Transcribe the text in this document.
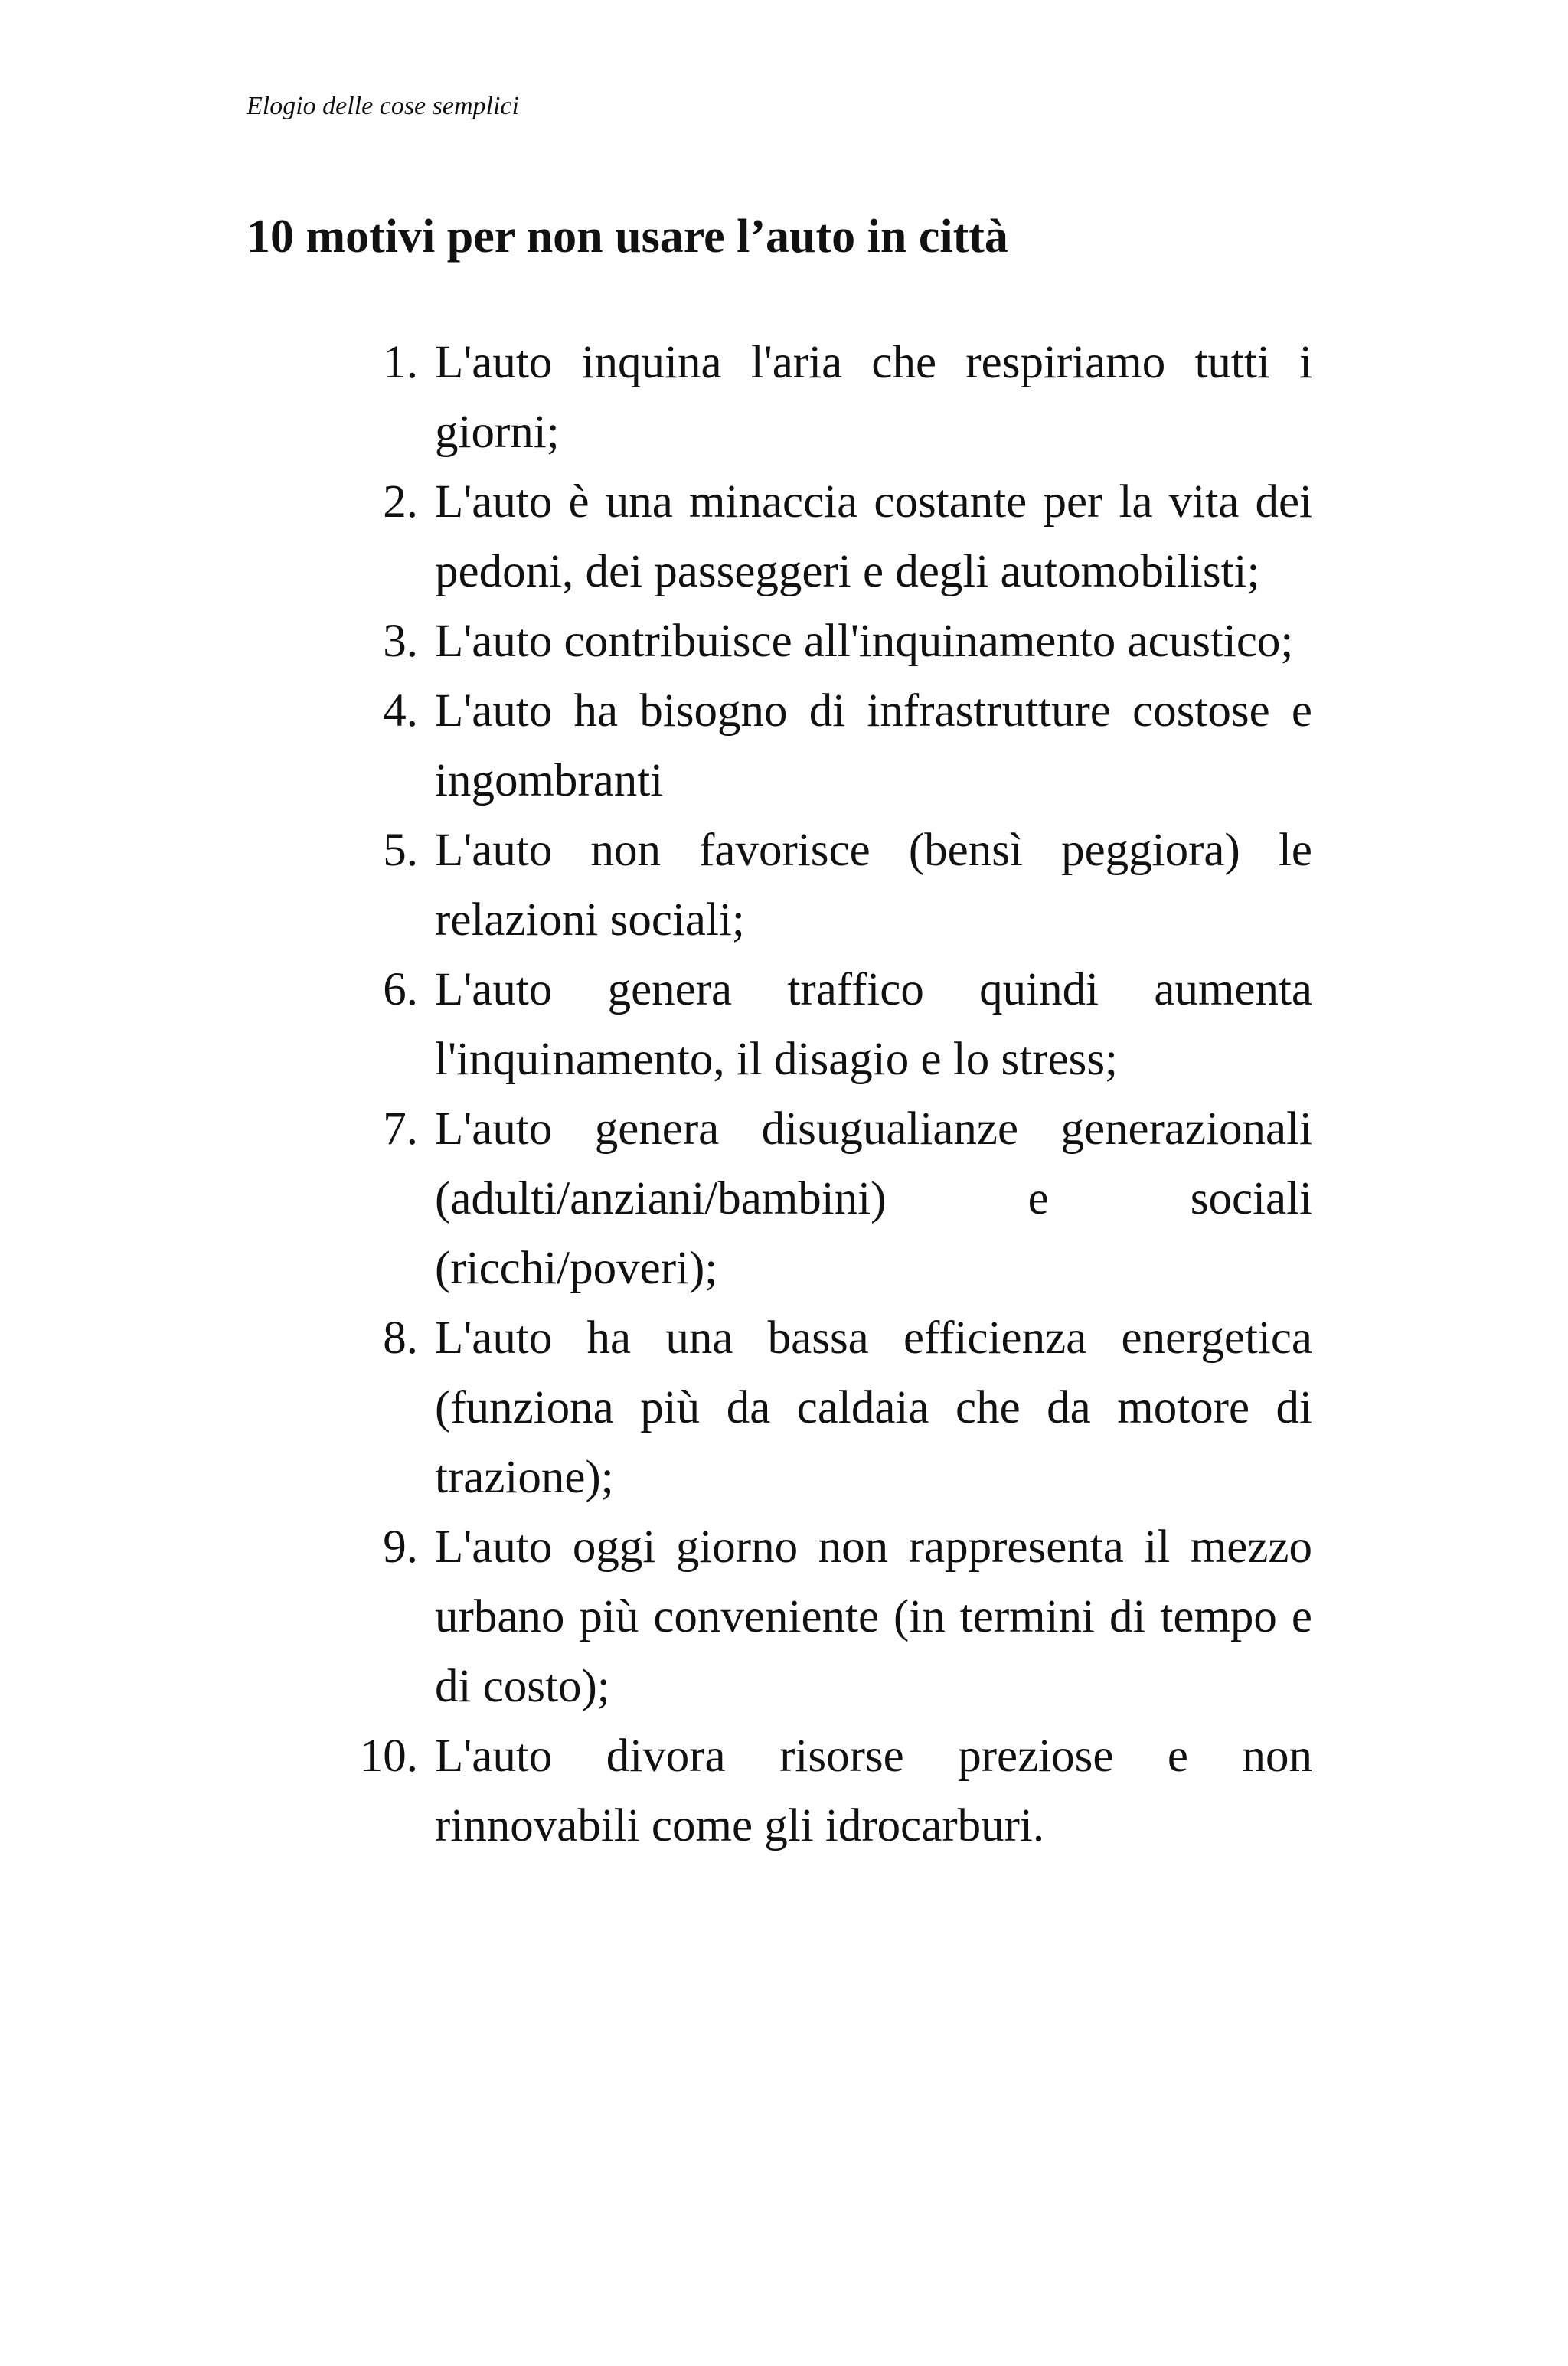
Elogio delle cose semplici
10 motivi per non usare l’auto in città
1. L'auto inquina l'aria che respiriamo tutti i giorni;
2. L'auto è una minaccia costante per la vita dei pedoni, dei passeggeri e degli automobilisti;
3. L'auto contribuisce all'inquinamento acustico;
4. L'auto ha bisogno di infrastrutture costose e ingombranti
5. L'auto non favorisce (bensì peggiora) le relazioni sociali;
6. L'auto genera traffico quindi aumenta l'inquinamento, il disagio e lo stress;
7. L'auto genera disugualianze generazionali (adulti/anziani/bambini) e sociali (ricchi/poveri);
8. L'auto ha una bassa efficienza energetica (funziona più da caldaia che da motore di trazione);
9. L'auto oggi giorno non rappresenta il mezzo urbano più conveniente (in termini di tempo e di costo);
10. L'auto divora risorse preziose e non rinnovabili come gli idrocarburi.
